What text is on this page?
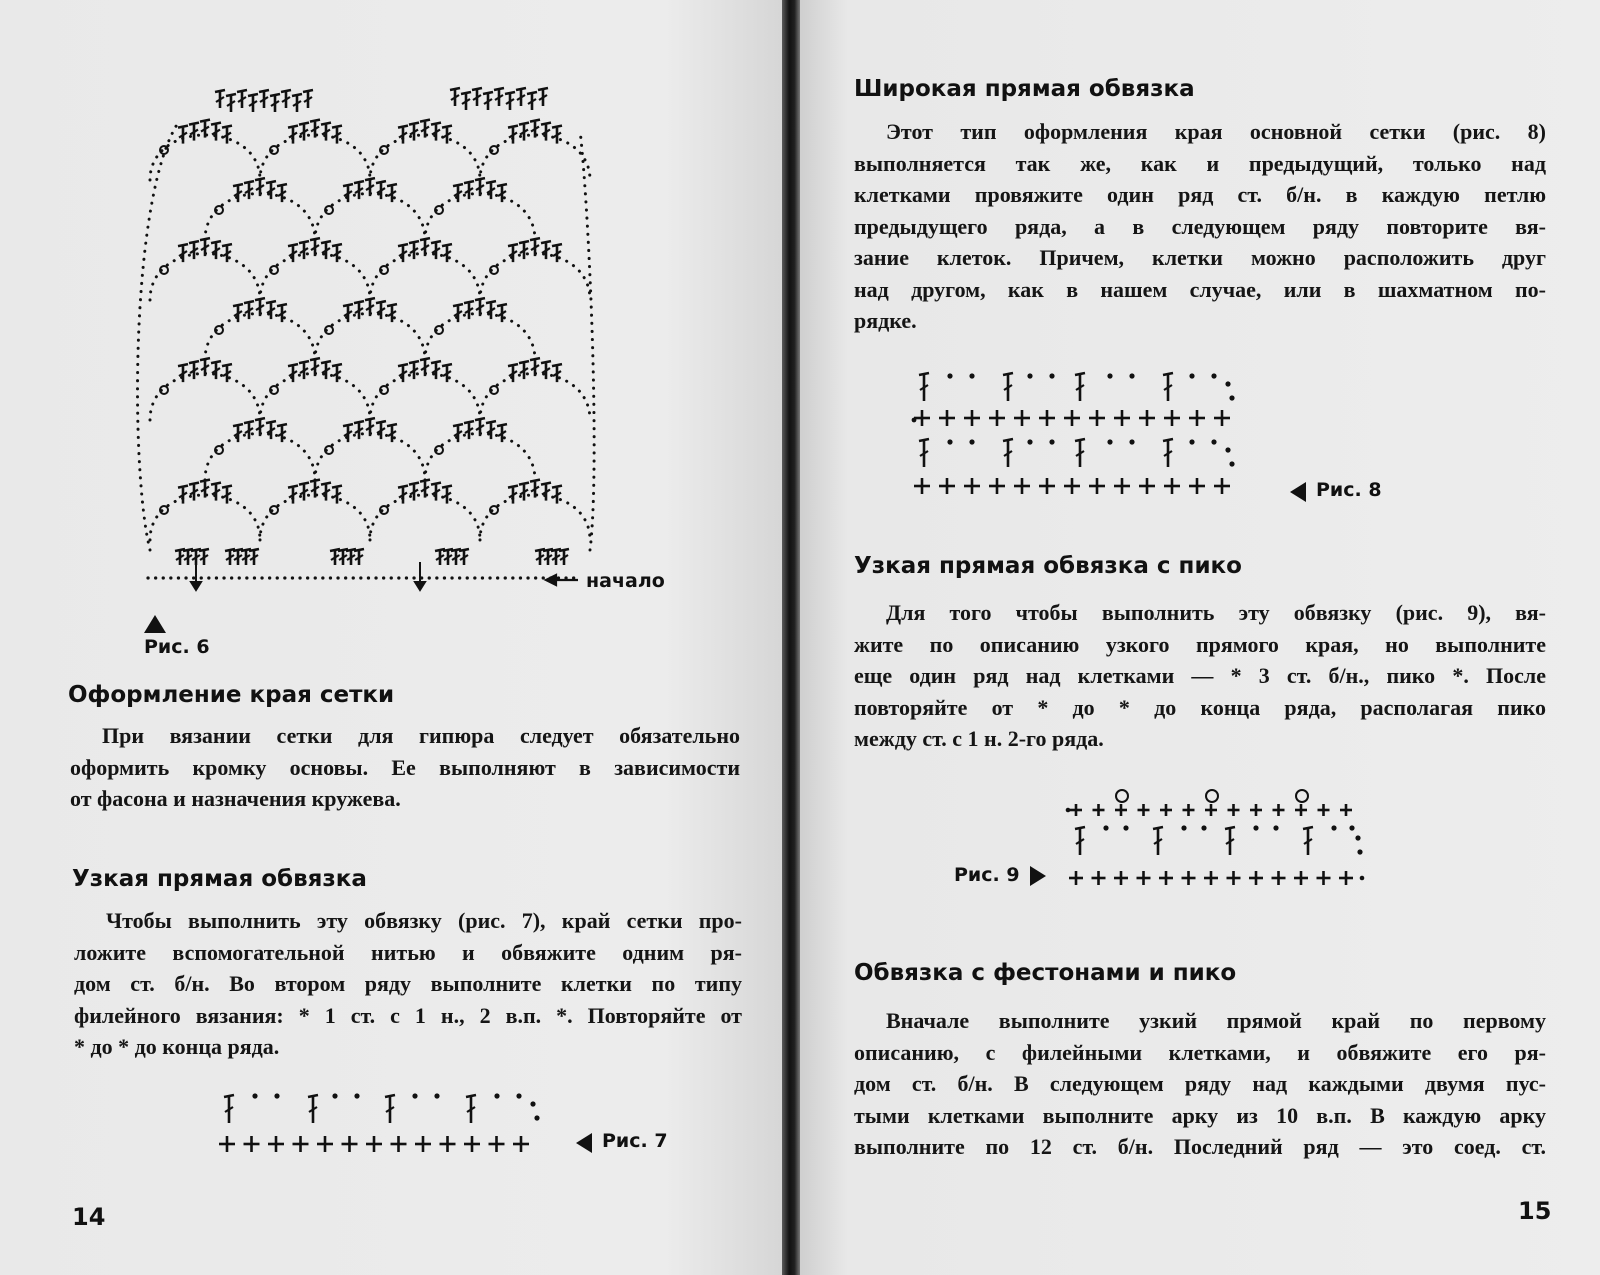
начало
Рис. 6
Оформление края сетки
При вязании сетки для гипюра следует обязательно
оформить кромку основы. Ее выполняют в зависимости
от фасона и назначения кружева.
Узкая прямая обвязка
Чтобы выполнить эту обвязку (рис. 7), край сетки про-
ложите вспомогательной нитью и обвяжите одним ря-
дом ст. б/н. Во втором ряду выполните клетки по типу
филейного вязания: * 1 ст. с 1 н., 2 в.п. *. Повторяйте от
* до * до конца ряда.
Рис. 7
14
Широкая прямая обвязка
Этот тип оформления края основной сетки (рис. 8)
выполняется так же, как и предыдущий, только над
клетками провяжите один ряд ст. б/н. в каждую петлю
предыдущего ряда, а в следующем ряду повторите вя-
зание клеток. Причем, клетки можно расположить друг
над другом, как в нашем случае, или в шахматном по-
рядке.
Рис. 8
Узкая прямая обвязка с пико
Для того чтобы выполнить эту обвязку (рис. 9), вя-
жите по описанию узкого прямого края, но выполните
еще один ряд над клетками — * 3 ст. б/н., пико *. После
повторяйте от * до * до конца ряда, располагая пико
между ст. с 1 н. 2-го ряда.
Рис. 9
Обвязка с фестонами и пико
Вначале выполните узкий прямой край по первому
описанию, с филейными клетками, и обвяжите его ря-
дом ст. б/н. В следующем ряду над каждыми двумя пус-
тыми клетками выполните арку из 10 в.п. В каждую арку
выполните по 12 ст. б/н. Последний ряд — это соед. ст.
15
